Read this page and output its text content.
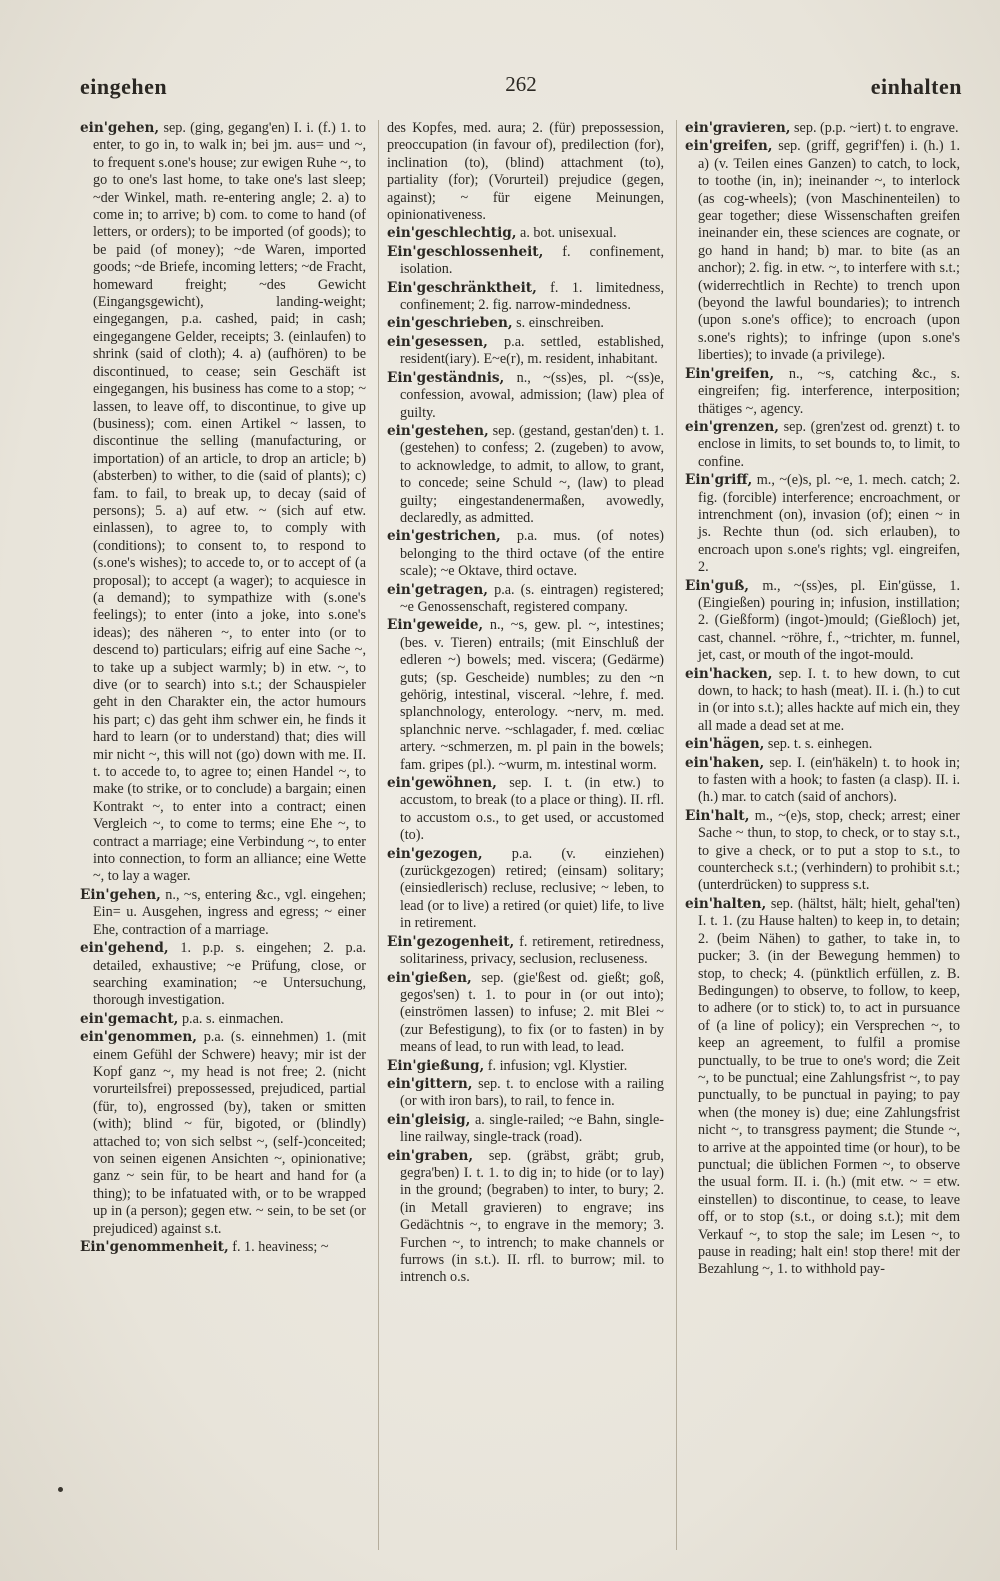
eingehen	262	einhalten

ein'gehen, sep. (ging, gegang'en) I. i. (f.) 1. to enter, to go in, to walk in; bei jm. aus= und ~, to frequent s.one's house; zur ewigen Ruhe ~, to go to one's last home, to take one's last sleep; ~der Winkel, math. re-entering angle; 2. a) to come in; to arrive; b) com. to come to hand (of letters, or orders); to be imported (of goods); to be paid (of money); ~de Waren, imported goods; ~de Briefe, incoming letters; ~de Fracht, homeward freight; ~des Gewicht (Eingangsgewicht), landing-weight; eingegangen, p.a. cashed, paid; in cash; eingegangene Gelder, receipts; 3. (einlaufen) to shrink (said of cloth); 4. a) (aufhören) to be discontinued, to cease; sein Geschäft ist eingegangen, his business has come to a stop; ~ lassen, to leave off, to discontinue, to give up (business); com. einen Artikel ~ lassen, to discontinue the selling (manufacturing, or importation) of an article, to drop an article; b) (absterben) to wither, to die (said of plants); c) fam. to fail, to break up, to decay (said of persons); 5. a) auf etw. ~ (sich auf etw. einlassen), to agree to, to comply with (conditions); to consent to, to respond to (s.one's wishes); to accede to, or to accept of (a proposal); to accept (a wager); to acquiesce in (a demand); to sympathize with (s.one's feelings); to enter (into a joke, into s.one's ideas); des näheren ~, to enter into (or to descend to) particulars; eifrig auf eine Sache ~, to take up a subject warmly; b) in etw. ~, to dive (or to search) into s.t.; der Schauspieler geht in den Charakter ein, the actor humours his part; c) das geht ihm schwer ein, he finds it hard to learn (or to understand) that; dies will mir nicht ~, this will not (go) down with me. II. t. to accede to, to agree to; einen Handel ~, to make (to strike, or to conclude) a bargain; einen Kontrakt ~, to enter into a contract; einen Vergleich ~, to come to terms; eine Ehe ~, to contract a marriage; eine Verbindung ~, to enter into connection, to form an alliance; eine Wette ~, to lay a wager.

Ein'gehen, n., ~s, entering &c., vgl. eingehen; Ein= u. Ausgehen, ingress and egress; ~ einer Ehe, contraction of a marriage.

ein'gehend, 1. p.p. s. eingehen; 2. p.a. detailed, exhaustive; ~e Prüfung, close, or searching examination; ~e Untersuchung, thorough investigation.

ein'gemacht, p.a. s. einmachen.

ein'genommen, p.a. (s. einnehmen) 1. (mit einem Gefühl der Schwere) heavy; mir ist der Kopf ganz ~, my head is not free; 2. (nicht vorurteilsfrei) prepossessed, prejudiced, partial (für, to), engrossed (by), taken or smitten (with); blind ~ für, bigoted, or (blindly) attached to; von sich selbst ~, (self-)conceited; von seinen eigenen Ansichten ~, opinionative; ganz ~ sein für, to be heart and hand for (a thing); to be infatuated with, or to be wrapped up in (a person); gegen etw. ~ sein, to be set (or prejudiced) against s.t.

Ein'genommenheit, f. 1. heaviness; ~

des Kopfes, med. aura; 2. (für) prepossession, preoccupation (in favour of), predilection (for), inclination (to), (blind) attachment (to), partiality (for); (Vorurteil) prejudice (gegen, against); ~ für eigene Meinungen, opinionativeness.

ein'geschlechtig, a. bot. unisexual.

Ein'geschlossenheit, f. confinement, isolation.

Ein'geschränktheit, f. 1. limitedness, confinement; 2. fig. narrow-mindedness.

ein'geschrieben, s. einschreiben.

ein'gesessen, p.a. settled, established, resident(iary). E~e(r), m. resident, inhabitant.

Ein'geständnis, n., ~(ss)es, pl. ~(ss)e, confession, avowal, admission; (law) plea of guilty.

ein'gestehen, sep. (gestand, gestan'den) t. 1. (gestehen) to confess; 2. (zugeben) to avow, to acknowledge, to admit, to allow, to grant, to concede; seine Schuld ~, (law) to plead guilty; eingestandenermaßen, avowedly, declaredly, as admitted.

ein'gestrichen, p.a. mus. (of notes) belonging to the third octave (of the entire scale); ~e Oktave, third octave.

ein'getragen, p.a. (s. eintragen) registered; ~e Genossenschaft, registered company.

Ein'geweide, n., ~s, gew. pl. ~, intestines; (bes. v. Tieren) entrails; (mit Einschluß der edleren ~) bowels; med. viscera; (Gedärme) guts; (sp. Gescheide) numbles; zu den ~n gehörig, intestinal, visceral. ~lehre, f. med. splanchnology, enterology. ~nerv, m. med. splanchnic nerve. ~schlagader, f. med. cœliac artery. ~schmerzen, m. pl pain in the bowels; fam. gripes (pl.). ~wurm, m. intestinal worm.

ein'gewöhnen, sep. I. t. (in etw.) to accustom, to break (to a place or thing). II. rfl. to accustom o.s., to get used, or accustomed (to).

ein'gezogen, p.a. (v. einziehen) (zurückgezogen) retired; (einsam) solitary; (einsiedlerisch) recluse, reclusive; ~ leben, to lead (or to live) a retired (or quiet) life, to live in retirement.

Ein'gezogenheit, f. retirement, retiredness, solitariness, privacy, seclusion, recluseness.

ein'gießen, sep. (gie'ßest od. gießt; goß, gegos'sen) t. 1. to pour in (or out into); (einströmen lassen) to infuse; 2. mit Blei ~ (zur Befestigung), to fix (or to fasten) in by means of lead, to run with lead, to lead.

Ein'gießung, f. infusion; vgl. Klystier.

ein'gittern, sep. t. to enclose with a railing (or with iron bars), to rail, to fence in.

ein'gleisig, a. single-railed; ~e Bahn, single-line railway, single-track (road).

ein'graben, sep. (gräbst, gräbt; grub, gegra'ben) I. t. 1. to dig in; to hide (or to lay) in the ground; (begraben) to inter, to bury; 2. (in Metall gravieren) to engrave; ins Gedächtnis ~, to engrave in the memory; 3. Furchen ~, to intrench; to make channels or furrows (in s.t.). II. rfl. to burrow; mil. to intrench o.s.

ein'gravieren, sep. (p.p. ~iert) t. to engrave.

ein'greifen, sep. (griff, gegrif'fen) i. (h.) 1. a) (v. Teilen eines Ganzen) to catch, to lock, to toothe (in, in); ineinander ~, to interlock (as cog-wheels); (von Maschinenteilen) to gear together; diese Wissenschaften greifen ineinander ein, these sciences are cognate, or go hand in hand; b) mar. to bite (as an anchor); 2. fig. in etw. ~, to interfere with s.t.; (widerrechtlich in Rechte) to trench upon (beyond the lawful boundaries); to intrench (upon s.one's office); to encroach (upon s.one's rights); to infringe (upon s.one's liberties); to invade (a privilege).

Ein'greifen, n., ~s, catching &c., s. eingreifen; fig. interference, interposition; thätiges ~, agency.

ein'grenzen, sep. (gren'zest od. grenzt) t. to enclose in limits, to set bounds to, to limit, to confine.

Ein'griff, m., ~(e)s, pl. ~e, 1. mech. catch; 2. fig. (forcible) interference; encroachment, or intrenchment (on), invasion (of); einen ~ in js. Rechte thun (od. sich erlauben), to encroach upon s.one's rights; vgl. eingreifen, 2.

Ein'guß, m., ~(ss)es, pl. Ein'güsse, 1. (Eingießen) pouring in; infusion, instillation; 2. (Gießform) (ingot-)mould; (Gießloch) jet, cast, channel. ~röhre, f., ~trichter, m. funnel, jet, cast, or mouth of the ingot-mould.

ein'hacken, sep. I. t. to hew down, to cut down, to hack; to hash (meat). II. i. (h.) to cut in (or into s.t.); alles hackte auf mich ein, they all made a dead set at me.

ein'hägen, sep. t. s. einhegen.

ein'haken, sep. I. (ein'häkeln) t. to hook in; to fasten with a hook; to fasten (a clasp). II. i. (h.) mar. to catch (said of anchors).

Ein'halt, m., ~(e)s, stop, check; arrest; einer Sache ~ thun, to stop, to check, or to stay s.t., to give a check, or to put a stop to s.t., to countercheck s.t.; (verhindern) to prohibit s.t.; (unterdrücken) to suppress s.t.

ein'halten, sep. (hältst, hält; hielt, gehal'ten) I. t. 1. (zu Hause halten) to keep in, to detain; 2. (beim Nähen) to gather, to take in, to pucker; 3. (in der Bewegung hemmen) to stop, to check; 4. (pünktlich erfüllen, z. B. Bedingungen) to observe, to follow, to keep, to adhere (or to stick) to, to act in pursuance of (a line of policy); ein Versprechen ~, to keep an agreement, to fulfil a promise punctually, to be true to one's word; die Zeit ~, to be punctual; eine Zahlungsfrist ~, to pay punctually, to be punctual in paying; to pay when (the money is) due; eine Zahlungsfrist nicht ~, to transgress payment; die Stunde ~, to arrive at the appointed time (or hour), to be punctual; die üblichen Formen ~, to observe the usual form. II. i. (h.) (mit etw. ~ = etw. einstellen) to discontinue, to cease, to leave off, or to stop (s.t., or doing s.t.); mit dem Verkauf ~, to stop the sale; im Lesen ~, to pause in reading; halt ein! stop there! mit der Bezahlung ~, 1. to withhold pay-
